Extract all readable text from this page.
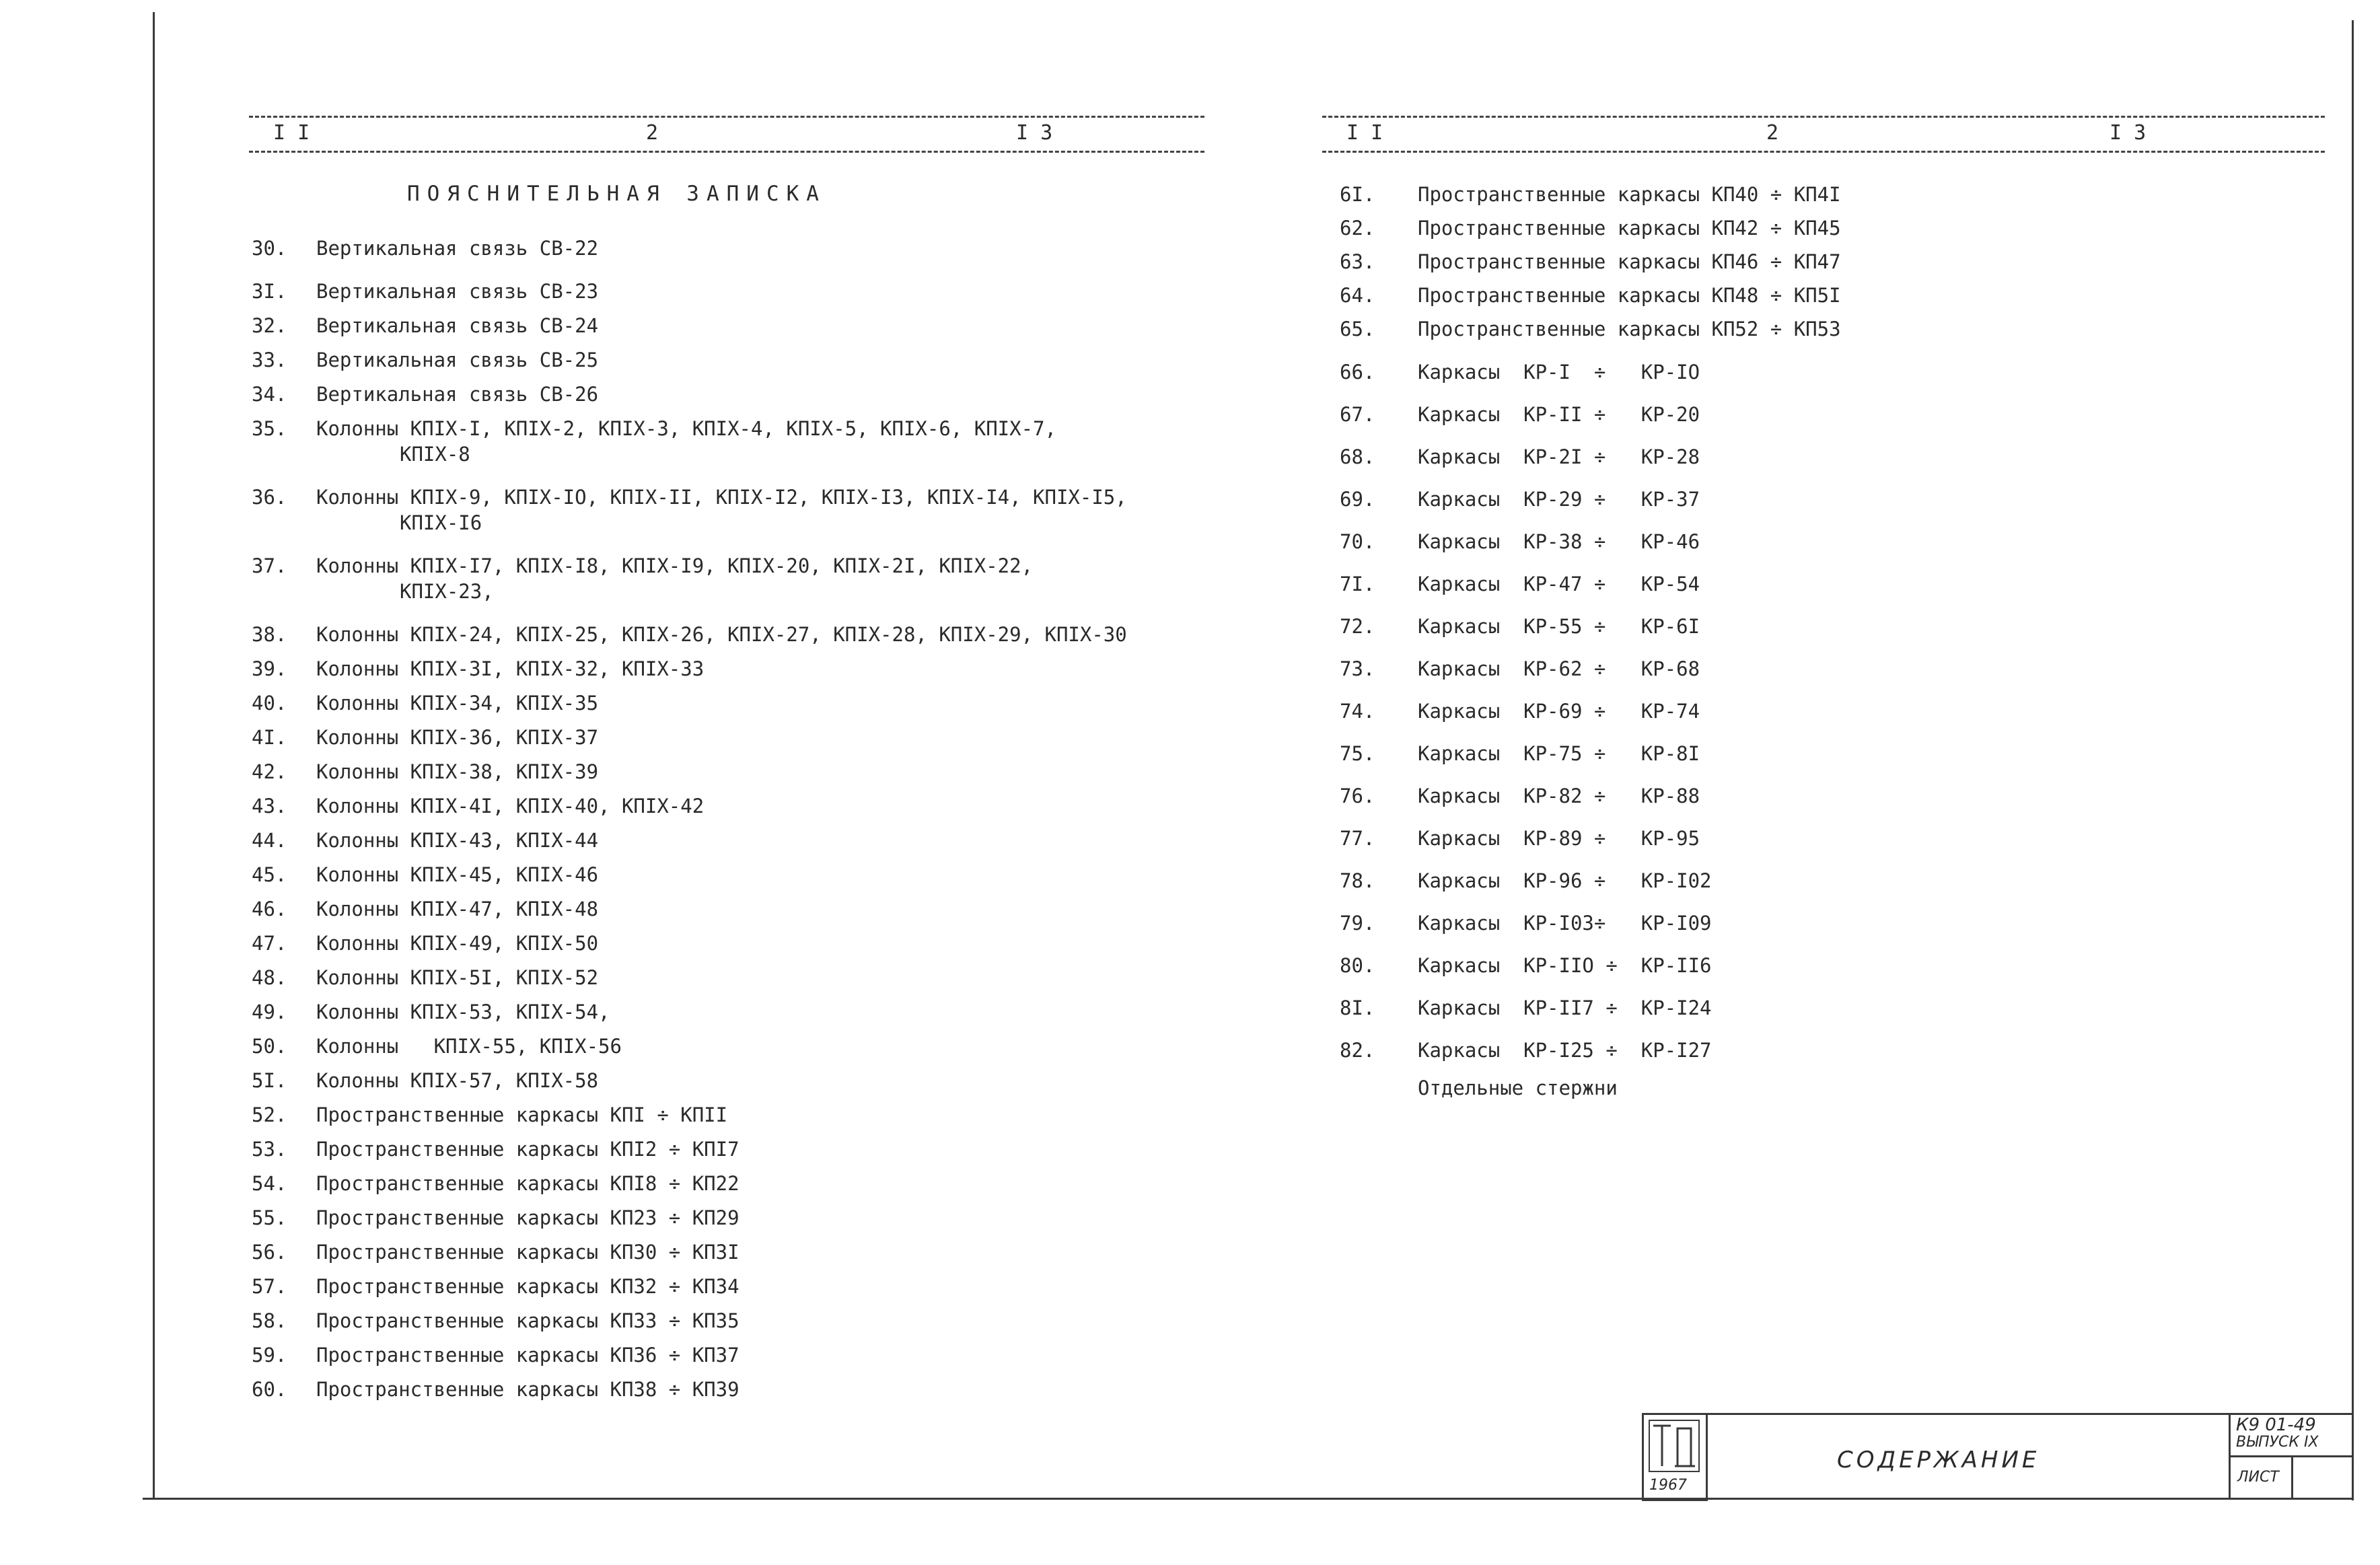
I I	2	I 3
ПОЯСНИТЕЛЬНАЯ ЗАПИСКА
30.	Вертикальная связь СВ-22
3I.	Вертикальная связь СВ-23
32.	Вертикальная связь СВ-24
33.	Вертикальная связь СВ-25
34.	Вертикальная связь СВ-26
35.	Колонны КПIХ-I, КПIХ-2, КПIХ-3, КПIХ-4, КПIХ-5, КПIХ-6, КПIХ-7,
КПIХ-8
36.	Колонны КПIХ-9, КПIХ-IO, КПIХ-II, КПIХ-I2, КПIХ-I3, КПIХ-I4, КПIХ-I5,
КПIХ-I6
37.	Колонны КПIХ-I7, КПIХ-I8, КПIХ-I9, КПIХ-20, КПIХ-2I, КПIХ-22,
КПIХ-23,
38.	Колонны КПIХ-24, КПIХ-25, КПIХ-26, КПIХ-27, КПIХ-28, КПIХ-29, КПIХ-30
39.	Колонны КПIХ-3I, КПIХ-32, КПIХ-33
40.	Колонны КПIХ-34, КПIХ-35
4I.	Колонны КПIХ-36, КПIХ-37
42.	Колонны КПIХ-38, КПIХ-39
43.	Колонны КПIХ-4I, КПIХ-40, КПIХ-42
44.	Колонны КПIХ-43, КПIХ-44
45.	Колонны КПIХ-45, КПIХ-46
46.	Колонны КПIХ-47, КПIХ-48
47.	Колонны КПIХ-49, КПIХ-50
48.	Колонны КПIХ-5I, КПIХ-52
49.	Колонны КПIХ-53, КПIХ-54,
50.	Колонны   КПIХ-55, КПIХ-56
5I.	Колонны КПIХ-57, КПIХ-58
52.	Пространственные каркасы КПI ÷ КПII
53.	Пространственные каркасы КПI2 ÷ КПI7
54.	Пространственные каркасы КПI8 ÷ КП22
55.	Пространственные каркасы КП23 ÷ КП29
56.	Пространственные каркасы КП30 ÷ КП3I
57.	Пространственные каркасы КП32 ÷ КП34
58.	Пространственные каркасы КП33 ÷ КП35
59.	Пространственные каркасы КП36 ÷ КП37
60.	Пространственные каркасы КП38 ÷ КП39
I I	2	I 3
6I.	Пространственные каркасы КП40 ÷ КП4I
62.	Пространственные каркасы КП42 ÷ КП45
63.	Пространственные каркасы КП46 ÷ КП47
64.	Пространственные каркасы КП48 ÷ КП5I
65.	Пространственные каркасы КП52 ÷ КП53
66.	Каркасы  КР-I  ÷   КР-IO
67.	Каркасы  КР-II ÷   КР-20
68.	Каркасы  КР-2I ÷   КР-28
69.	Каркасы  КР-29 ÷   КР-37
70.	Каркасы  КР-38 ÷   КР-46
7I.	Каркасы  КР-47 ÷   КР-54
72.	Каркасы  КР-55 ÷   КР-6I
73.	Каркасы  КР-62 ÷   КР-68
74.	Каркасы  КР-69 ÷   КР-74
75.	Каркасы  КР-75 ÷   КР-8I
76.	Каркасы  КР-82 ÷   КР-88
77.	Каркасы  КР-89 ÷   КР-95
78.	Каркасы  КР-96 ÷   КР-I02
79.	Каркасы  КР-I03÷   КР-I09
80.	Каркасы  КР-IIO ÷  КР-II6
8I.	Каркасы  КР-II7 ÷  КР-I24
82.	Каркасы  КР-I25 ÷  КР-I27
Отдельные стержни
1967
СОДЕРЖАНИЕ
К9 01-49
ВЫПУСК IX
ЛИСТ
